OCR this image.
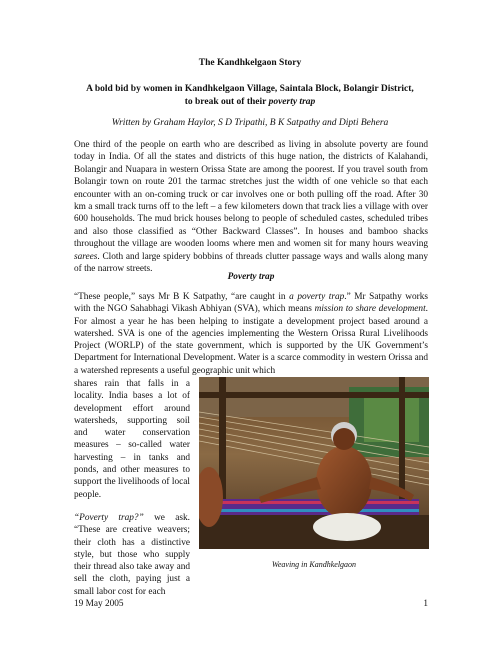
The Kandhkelgaon Story
A bold bid by women in Kandhkelgaon Village, Saintala Block, Bolangir District,
to break out of their poverty trap
Written by Graham Haylor, S D Tripathi, B K Satpathy and Dipti Behera

One third of the people on earth who are described as living in absolute poverty are found today in India. Of all the states and districts of this huge nation, the districts of Kalahandi, Bolangir and Nuapara in western Orissa State are among the poorest. If you travel south from Bolangir town on route 201 the tarmac stretches just the width of one vehicle so that each encounter with an on-coming truck or car involves one or both pulling off the road. After 30 km a small track turns off to the left – a few kilometers down that track lies a village with over 600 households. The mud brick houses belong to people of scheduled castes, scheduled tribes and also those classified as “Other Backward Classes”. In houses and bamboo shacks throughout the village are wooden looms where men and women sit for many hours weaving sarees. Cloth and large spidery bobbins of threads clutter passage ways and walls along many of the narrow streets.

Poverty trap

“These people,” says Mr B K Satpathy, “are caught in a poverty trap.” Mr Satpathy works with the NGO Sahabhagi Vikash Abhiyan (SVA), which means mission to share development. For almost a year he has been helping to instigate a development project based around a watershed. SVA is one of the agencies implementing the Western Orissa Rural Livelihoods Project (WORLP) of the state government, which is supported by the UK Government’s Department for International Development. Water is a scarce commodity in western Orissa and a watershed represents a useful geographic unit which

shares rain that falls in a locality. India bases a lot of development effort around watersheds, supporting soil and water conservation measures – so-called water harvesting – in tanks and ponds, and other measures to support the livelihoods of local people.

“Poverty trap?” we ask. “These are creative weavers; their cloth has a distinctive style, but those who supply their thread also take away and sell the cloth, paying just a small labor cost for each

Weaving in Kandhkelgaon
19 May 2005	1
